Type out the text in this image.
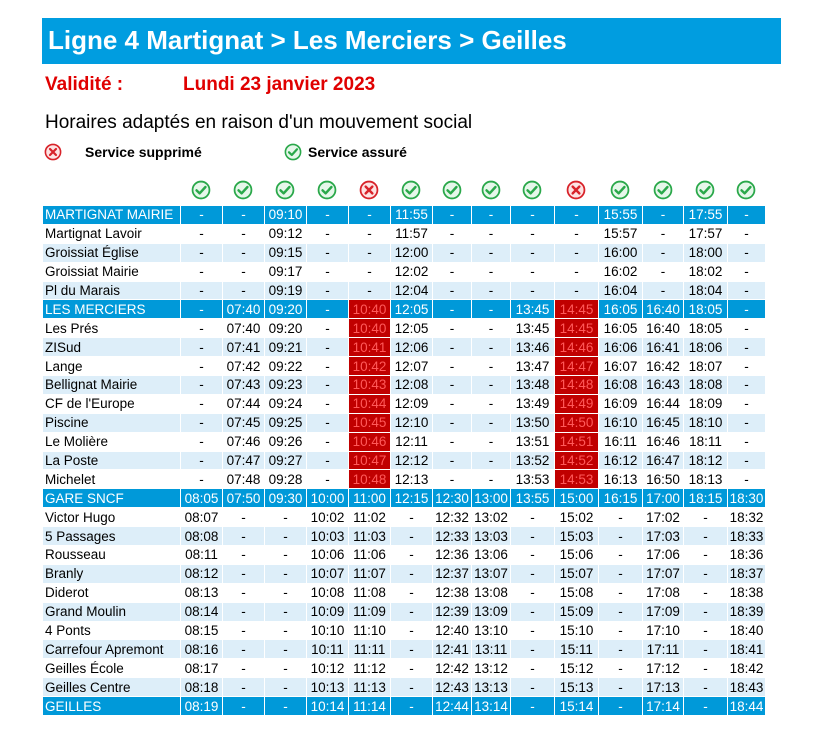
Ligne 4 Martignat > Les Merciers > Geilles
Validité :	Lundi 23 janvier 2023
Horaires adaptés en raison d'un mouvement social
Service supprimé	Service assuré
MARTIGNAT MAIRIE	-	-	09:10	-	-	11:55	-	-	-	-	15:55	-	17:55	-
Martignat Lavoir	-	-	09:12	-	-	11:57	-	-	-	-	15:57	-	17:57	-
Groissiat Église	-	-	09:15	-	-	12:00	-	-	-	-	16:00	-	18:00	-
Groissiat Mairie	-	-	09:17	-	-	12:02	-	-	-	-	16:02	-	18:02	-
Pl du Marais	-	-	09:19	-	-	12:04	-	-	-	-	16:04	-	18:04	-
LES MERCIERS	-	07:40	09:20	-	10:40	12:05	-	-	13:45	14:45	16:05	16:40	18:05	-
Les Prés	-	07:40	09:20	-	10:40	12:05	-	-	13:45	14:45	16:05	16:40	18:05	-
ZISud	-	07:41	09:21	-	10:41	12:06	-	-	13:46	14:46	16:06	16:41	18:06	-
Lange	-	07:42	09:22	-	10:42	12:07	-	-	13:47	14:47	16:07	16:42	18:07	-
Bellignat Mairie	-	07:43	09:23	-	10:43	12:08	-	-	13:48	14:48	16:08	16:43	18:08	-
CF de l'Europe	-	07:44	09:24	-	10:44	12:09	-	-	13:49	14:49	16:09	16:44	18:09	-
Piscine	-	07:45	09:25	-	10:45	12:10	-	-	13:50	14:50	16:10	16:45	18:10	-
Le Molière	-	07:46	09:26	-	10:46	12:11	-	-	13:51	14:51	16:11	16:46	18:11	-
La Poste	-	07:47	09:27	-	10:47	12:12	-	-	13:52	14:52	16:12	16:47	18:12	-
Michelet	-	07:48	09:28	-	10:48	12:13	-	-	13:53	14:53	16:13	16:50	18:13	-
GARE SNCF	08:05	07:50	09:30	10:00	11:00	12:15	12:30	13:00	13:55	15:00	16:15	17:00	18:15	18:30
Victor Hugo	08:07	-	-	10:02	11:02	-	12:32	13:02	-	15:02	-	17:02	-	18:32
5 Passages	08:08	-	-	10:03	11:03	-	12:33	13:03	-	15:03	-	17:03	-	18:33
Rousseau	08:11	-	-	10:06	11:06	-	12:36	13:06	-	15:06	-	17:06	-	18:36
Branly	08:12	-	-	10:07	11:07	-	12:37	13:07	-	15:07	-	17:07	-	18:37
Diderot	08:13	-	-	10:08	11:08	-	12:38	13:08	-	15:08	-	17:08	-	18:38
Grand Moulin	08:14	-	-	10:09	11:09	-	12:39	13:09	-	15:09	-	17:09	-	18:39
4 Ponts	08:15	-	-	10:10	11:10	-	12:40	13:10	-	15:10	-	17:10	-	18:40
Carrefour Apremont	08:16	-	-	10:11	11:11	-	12:41	13:11	-	15:11	-	17:11	-	18:41
Geilles École	08:17	-	-	10:12	11:12	-	12:42	13:12	-	15:12	-	17:12	-	18:42
Geilles Centre	08:18	-	-	10:13	11:13	-	12:43	13:13	-	15:13	-	17:13	-	18:43
GEILLES	08:19	-	-	10:14	11:14	-	12:44	13:14	-	15:14	-	17:14	-	18:44
